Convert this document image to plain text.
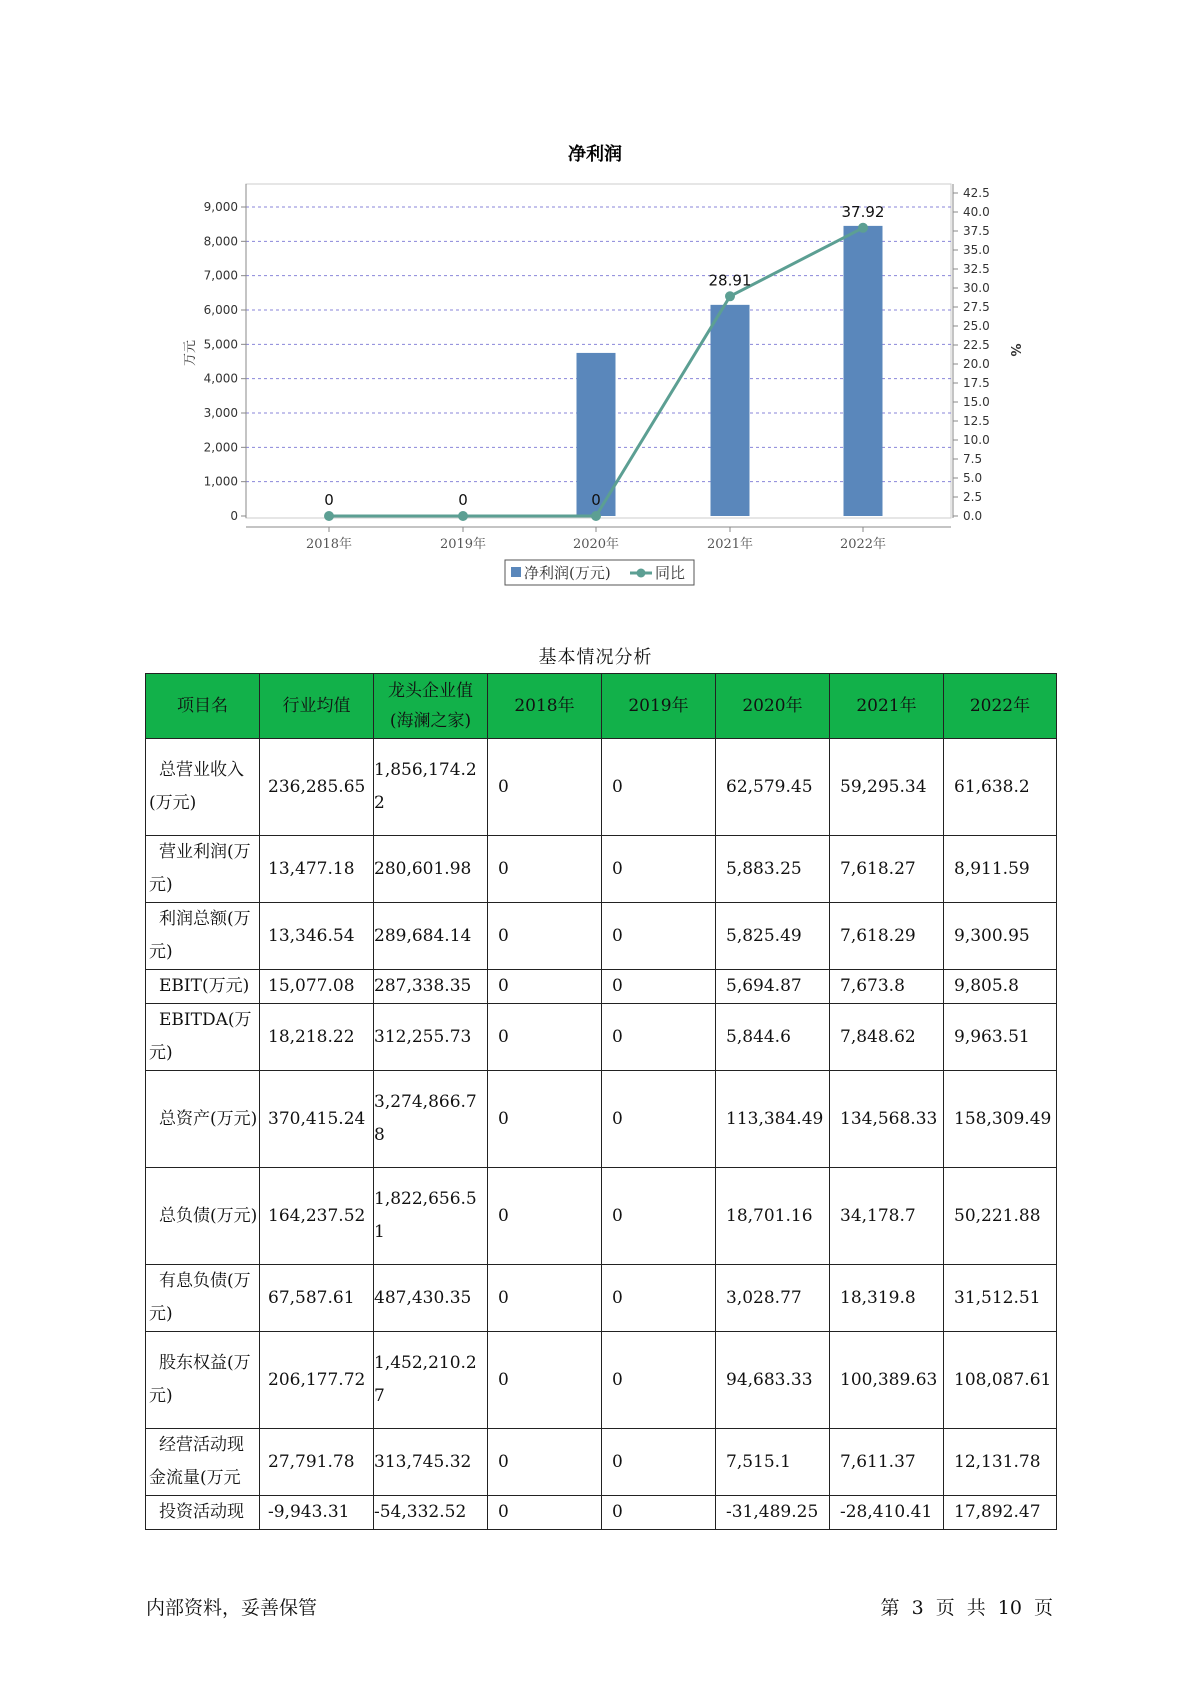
净利润
0
1,000
2,000
3,000
4,000
5,000
6,000
7,000
8,000
9,000
0.0
2.5
5.0
7.5
10.0
12.5
15.0
17.5
20.0
22.5
25.0
27.5
30.0
32.5
35.0
37.5
40.0
42.5
2018年	2019年	2020年	2021年	2022年
0	0	0
28.91
37.92
万元	%
净利润(万元)	同比
基本情况分析
项目名	行业均值	龙头企业值(海澜之家)	2018年	2019年	2020年	2021年	2022年
总营业收入(万元)	236,285.65	1,856,174.22	0	0	62,579.45	59,295.34	61,638.2
营业利润(万元)	13,477.18	280,601.98	0	0	5,883.25	7,618.27	8,911.59
利润总额(万元)	13,346.54	289,684.14	0	0	5,825.49	7,618.29	9,300.95
EBIT(万元)	15,077.08	287,338.35	0	0	5,694.87	7,673.8	9,805.8
EBITDA(万元)	18,218.22	312,255.73	0	0	5,844.6	7,848.62	9,963.51
总资产(万元)	370,415.24	3,274,866.78	0	0	113,384.49	134,568.33	158,309.49
总负债(万元)	164,237.52	1,822,656.51	0	0	18,701.16	34,178.7	50,221.88
有息负债(万元)	67,587.61	487,430.35	0	0	3,028.77	18,319.8	31,512.51
股东权益(万元)	206,177.72	1,452,210.27	0	0	94,683.33	100,389.63	108,087.61
经营活动现金流量(万元	27,791.78	313,745.32	0	0	7,515.1	7,611.37	12,131.78
投资活动现	-9,943.31	-54,332.52	0	0	-31,489.25	-28,410.41	17,892.47
内部资料，妥善保管	第 3 页 共 10 页
